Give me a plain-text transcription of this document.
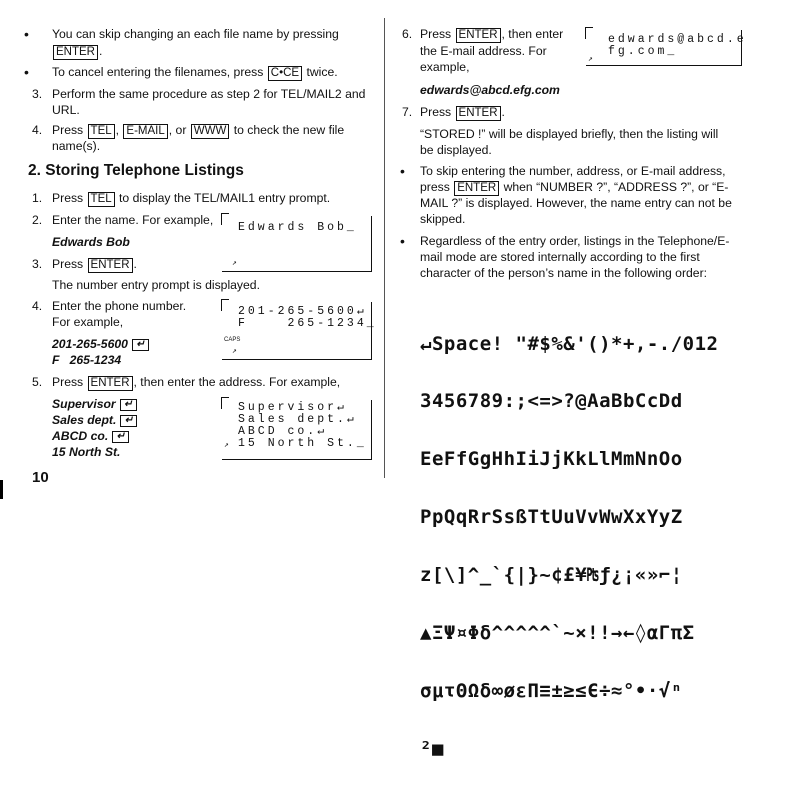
• You can skip changing an each file name by pressing
ENTER .
• To cancel entering the filenames, press C•CE twice.
3. Perform the same procedure as step 2 for TEL/MAIL2 and
URL.
4. Press TEL , E-MAIL , or WWW to check the new file
name(s).
2. Storing Telephone Listings
1. Press TEL to display the TEL/MAIL1 entry prompt.
2. Enter the name. For example,
Edwards Bob
Edwards Bob_
↗
3. Press ENTER .
The number entry prompt is displayed.
4. Enter the phone number.
For example,
201-265-5600 ↵
F 265-1234
201-265-5600↵
F    265-1234_
CAPS
↗
5. Press ENTER , then enter the address. For example,
Supervisor ↵
Sales dept. ↵
ABCD co. ↵
15 North St.
Supervisor↵
Sales dept.↵
ABCD co.↵
15 North St._
↗
10
6. Press ENTER , then enter
the E-mail address. For
example,
edwards@abcd.efg.com
edwards@abcd.e
fg.com_
↗
7. Press ENTER .
“STORED !” will be displayed briefly, then the listing will
be displayed.
• To skip entering the number, address, or E-mail address,
press ENTER when “NUMBER ?”, “ADDRESS ?”, or “E-
MAIL ?” is displayed. However, the name entry can not be
skipped.
• Regardless of the entry order, listings in the Telephone/E-
mail mode are stored internally according to the first
character of the person’s name in the following order:

↵Space! "#$%&'()*+,-./012

3456789:;<=>?@AaBbCcDd

EeFfGgHhIiJjKkLlMmNnOo

PpQqRrSsßTtUuVvWwXxYyZ

z[\]^_`{|}~¢£¥₧ƒ¿¡«»⌐¦

▲ΞΨ¤Φδ^^^^^`~×!!→←◊αΓπΣ

σμτΘΩδ∞øεΠ≡±≥≤Є÷≈°•·√ⁿ

²■
